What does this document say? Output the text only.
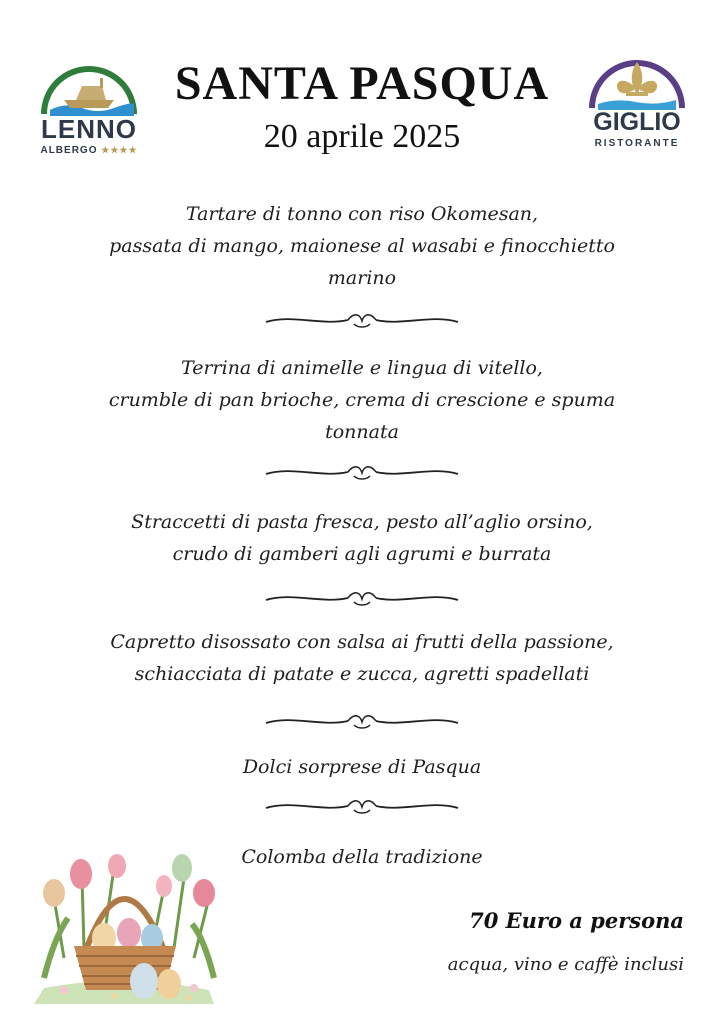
LENNO
ALBERGO ★★★★
SANTA PASQUA
20 aprile 2025	GIGLIO
RISTORANTE
Tartare di tonno con riso Okomesan,
passata di mango, maionese al wasabi e finocchietto
marino
Terrina di animelle e lingua di vitello,
crumble di pan brioche, crema di crescione e spuma
tonnata
Straccetti di pasta fresca, pesto all’aglio orsino,
crudo di gamberi agli agrumi e burrata
Capretto disossato con salsa ai frutti della passione,
schiacciata di patate e zucca, agretti spadellati
Dolci sorprese di Pasqua
Colomba della tradizione
70 Euro a persona
acqua, vino e caffè inclusi
